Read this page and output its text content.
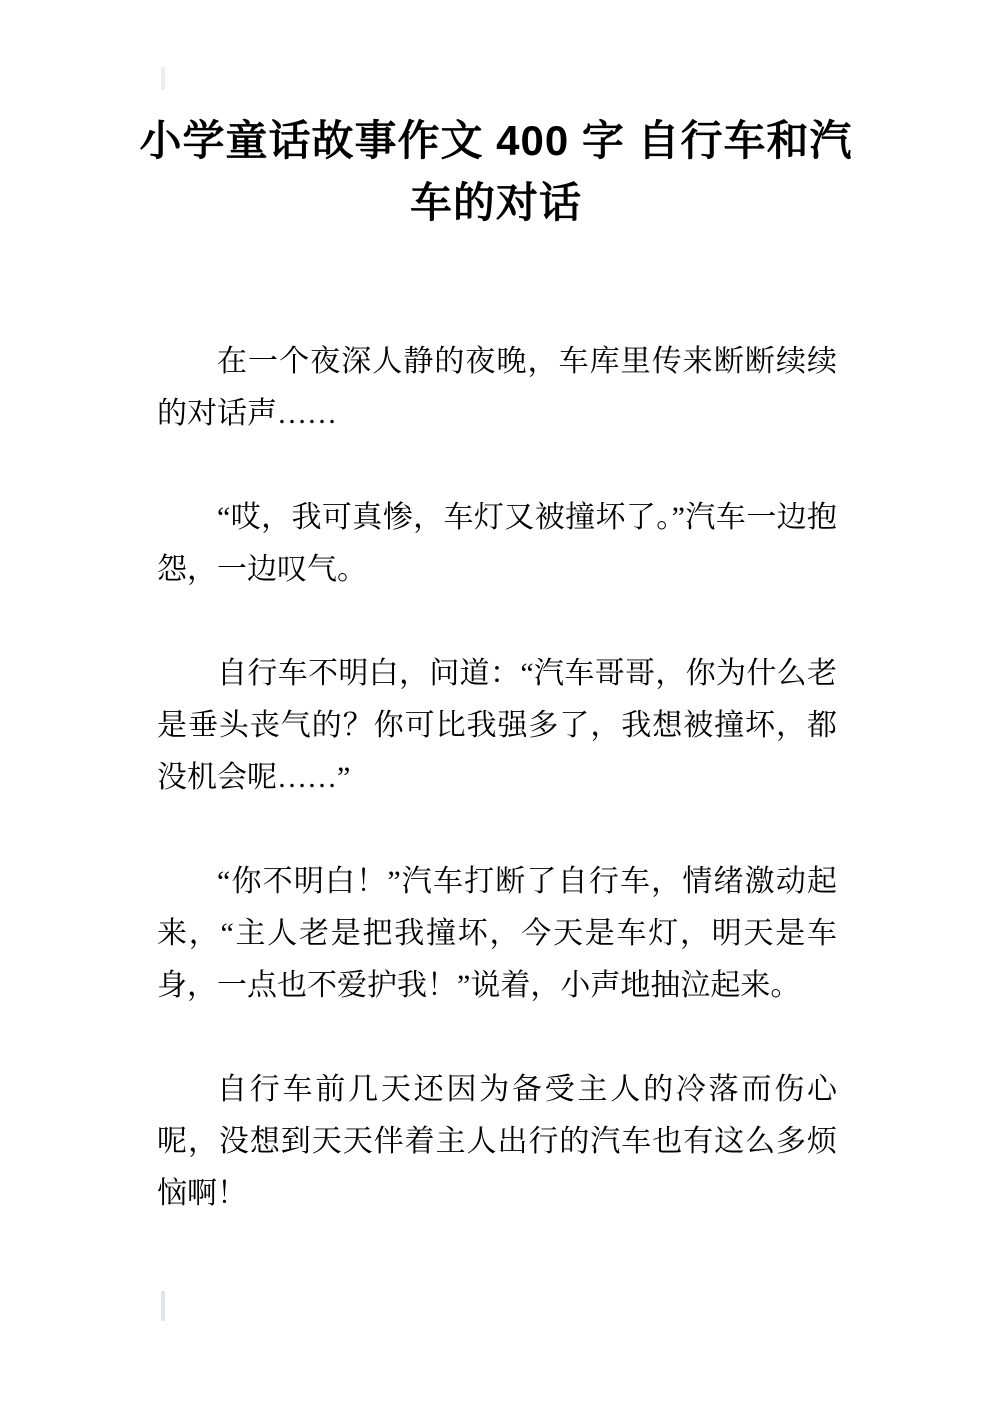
小学童话故事作文 400 字 自行车和汽
车的对话

在一个夜深人静的夜晚，车库里传来断断续续的对话声……

“哎，我可真惨，车灯又被撞坏了。”汽车一边抱怨，一边叹气。

自行车不明白，问道：“汽车哥哥，你为什么老是垂头丧气的？你可比我强多了，我想被撞坏，都没机会呢……”

“你不明白！”汽车打断了自行车，情绪激动起来，“主人老是把我撞坏，今天是车灯，明天是车身，一点也不爱护我！”说着，小声地抽泣起来。

自行车前几天还因为备受主人的冷落而伤心呢，没想到天天伴着主人出行的汽车也有这么多烦恼啊！
